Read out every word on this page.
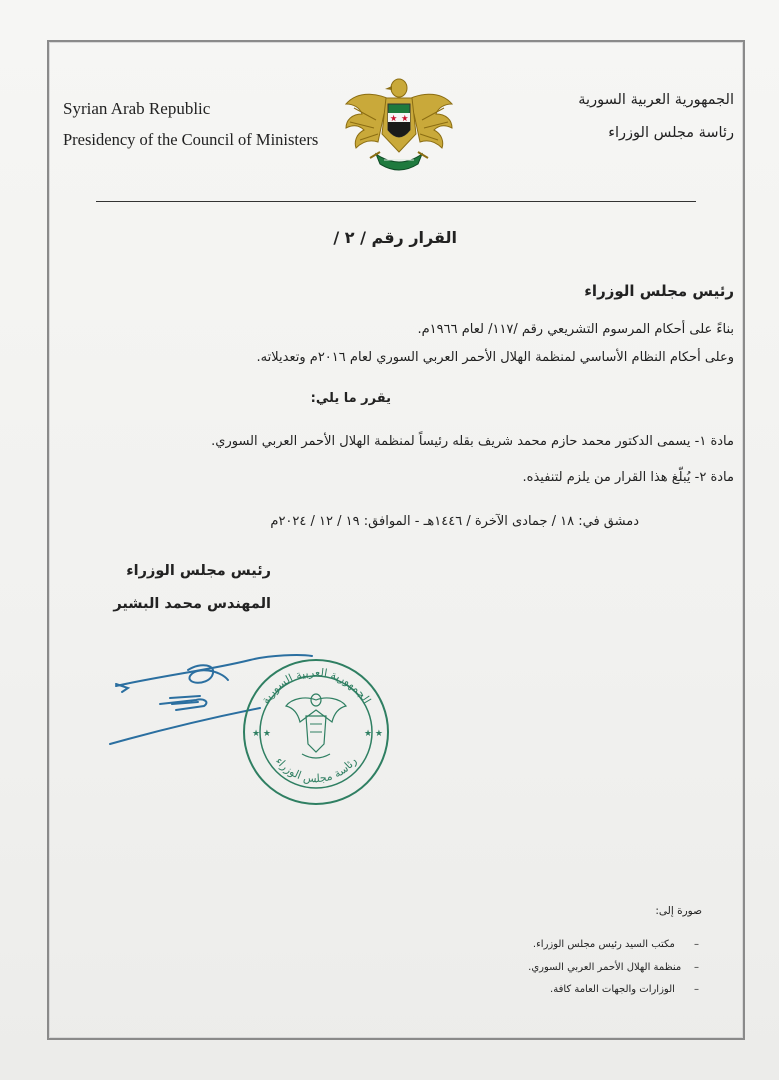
Syrian Arab Republic
Presidency of the Council of Ministers
الجمهورية العربية السورية
رئاسة مجلس الوزراء
القرار رقم / ٢ /
رئيس مجلس الوزراء
بناءً على أحكام المرسوم التشريعي رقم /١١٧/ لعام ١٩٦٦م.
وعلى أحكام النظام الأساسي لمنظمة الهلال الأحمر العربي السوري لعام ٢٠١٦م وتعديلاته.
يقرر ما يلي:
مادة ١- يسمى الدكتور محمد حازم محمد شريف بقله رئيساً لمنظمة الهلال الأحمر العربي السوري.
مادة ٢- يُبلّغ هذا القرار من يلزم لتنفيذه.
دمشق في: ١٨ / جمادى الآخرة / ١٤٤٦هـ - الموافق: ١٩ / ١٢ / ٢٠٢٤م
رئيس مجلس الوزراء
المهندس محمد البشير
الجمهورية العربية السورية
رئاسة مجلس الوزراء
★ ★	★ ★
صورة إلى:
–      مكتب السيد رئيس مجلس الوزراء.
–    منظمة الهلال الأحمر العربي السوري.
–      الوزارات والجهات العامة كافة.
